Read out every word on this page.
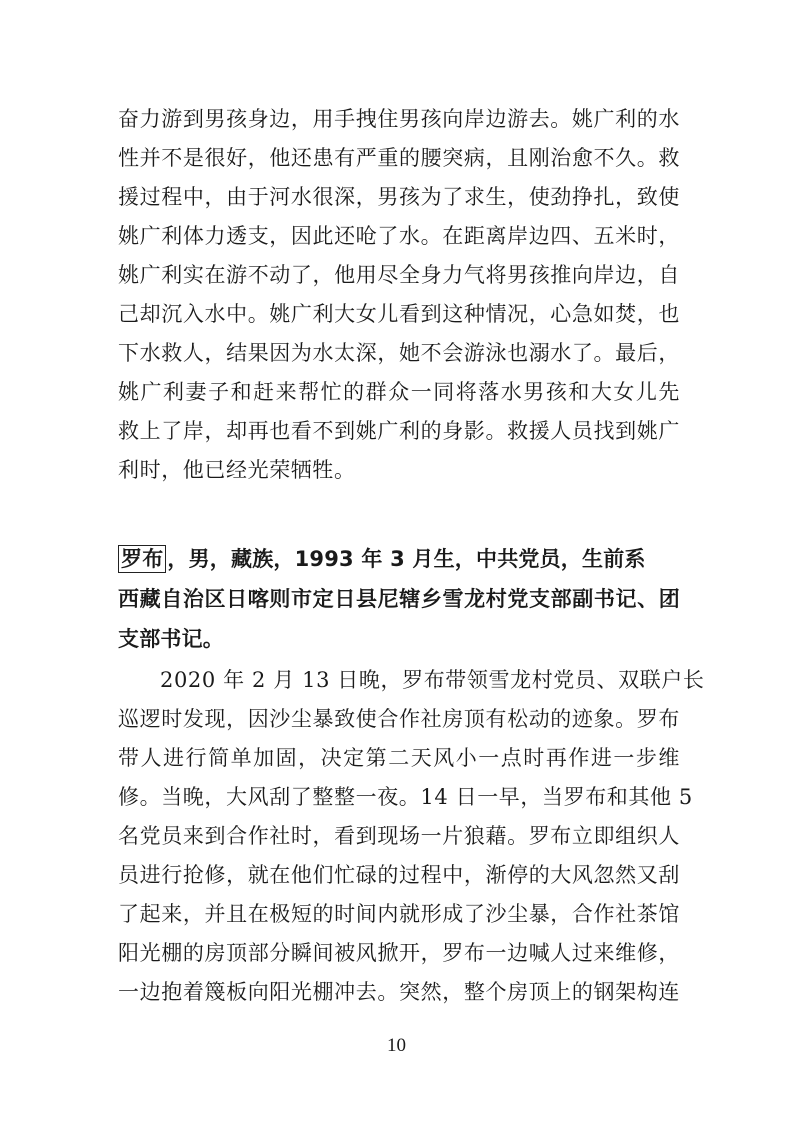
奋力游到男孩身边，用手拽住男孩向岸边游去。姚广利的水
性并不是很好，他还患有严重的腰突病，且刚治愈不久。救
援过程中，由于河水很深，男孩为了求生，使劲挣扎，致使
姚广利体力透支，因此还呛了水。在距离岸边四、五米时，
姚广利实在游不动了，他用尽全身力气将男孩推向岸边，自
己却沉入水中。姚广利大女儿看到这种情况，心急如焚，也
下水救人，结果因为水太深，她不会游泳也溺水了。最后，
姚广利妻子和赶来帮忙的群众一同将落水男孩和大女儿先
救上了岸，却再也看不到姚广利的身影。救援人员找到姚广
利时，他已经光荣牺牲。
罗布 ，男，藏族，1993 年 3 月生，中共党员，生前系
西藏自治区日喀则市定日县尼辖乡雪龙村党支部副书记、团
支部书记。
2020 年 2 月 13 日晚，罗布带领雪龙村党员、双联户长
巡逻时发现，因沙尘暴致使合作社房顶有松动的迹象。罗布
带人进行简单加固，决定第二天风小一点时再作进一步维
修。当晚，大风刮了整整一夜。14 日一早，当罗布和其他 5
名党员来到合作社时，看到现场一片狼藉。罗布立即组织人
员进行抢修，就在他们忙碌的过程中，渐停的大风忽然又刮
了起来，并且在极短的时间内就形成了沙尘暴，合作社茶馆
阳光棚的房顶部分瞬间被风掀开，罗布一边喊人过来维修，
一边抱着篾板向阳光棚冲去。突然，整个房顶上的钢架构连
10
